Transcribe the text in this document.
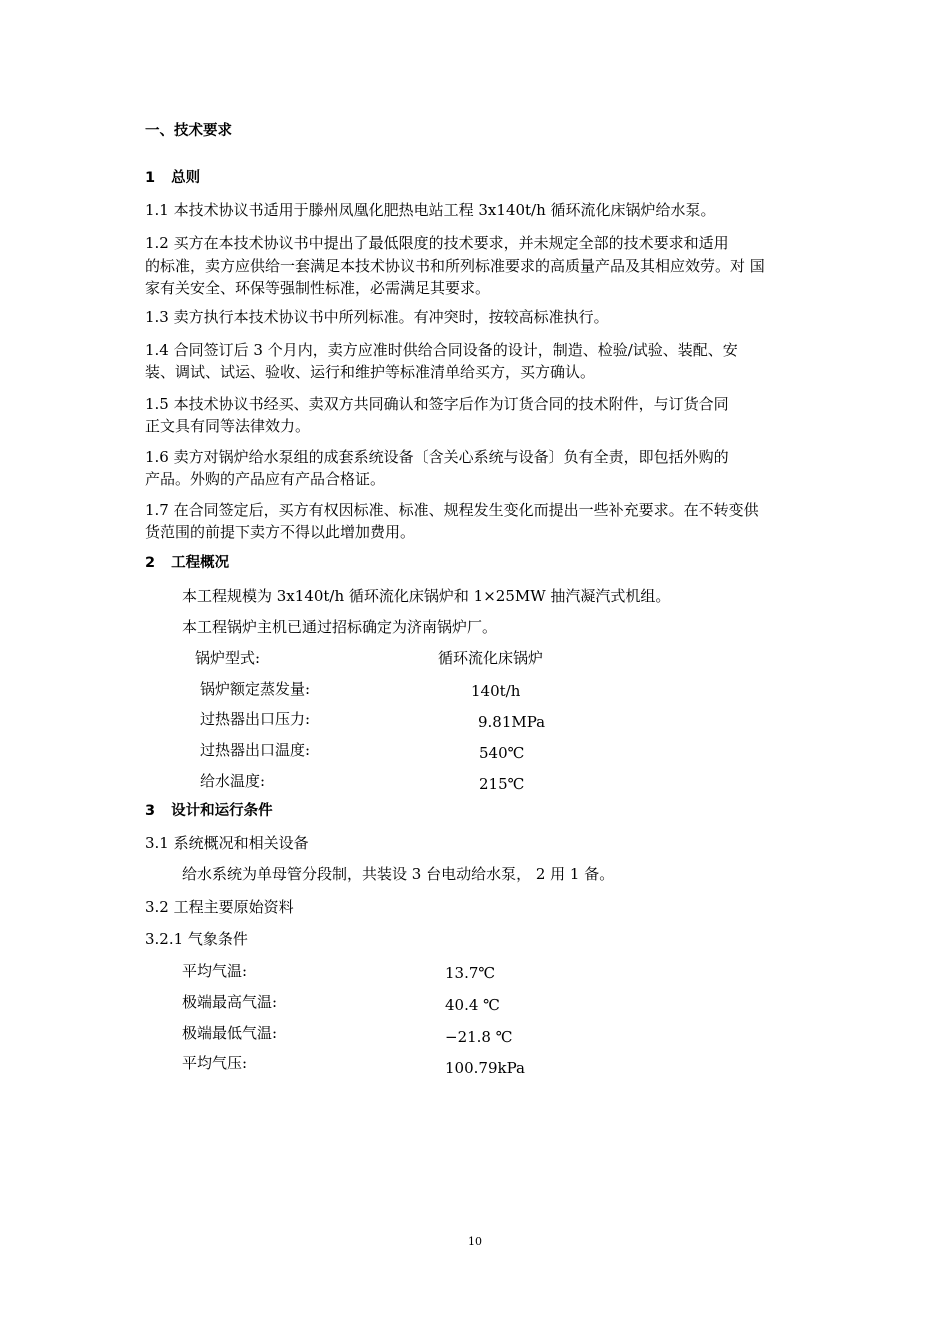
一、技术要求
1 总则
1.1 本技术协议书适用于滕州凤凰化肥热电站工程 3x140t/h 循环流化床锅炉给水泵。
1.2 买方在本技术协议书中提出了最低限度的技术要求，并未规定全部的技术要求和适用
的标准，卖方应供给一套满足本技术协议书和所列标准要求的高质量产品及其相应效劳。对 国
家有关安全、环保等强制性标准，必需满足其要求。
1.3 卖方执行本技术协议书中所列标准。有冲突时，按较高标准执行。
1.4 合同签订后 3 个月内，卖方应准时供给合同设备的设计，制造、检验/试验、装配、安
装、调试、试运、验收、运行和维护等标准清单给买方，买方确认。
1.5 本技术协议书经买、卖双方共同确认和签字后作为订货合同的技术附件，与订货合同
正文具有同等法律效力。
1.6 卖方对锅炉给水泵组的成套系统设备〔含关心系统与设备〕负有全责，即包括外购的
产品。外购的产品应有产品合格证。
1.7 在合同签定后，买方有权因标准、标准、规程发生变化而提出一些补充要求。在不转变供
货范围的前提下卖方不得以此增加费用。
2 工程概况
本工程规模为 3x140t/h 循环流化床锅炉和 1×25MW 抽汽凝汽式机组。
本工程锅炉主机已通过招标确定为济南锅炉厂。
锅炉型式:	循环流化床锅炉
锅炉额定蒸发量:	140t/h
过热器出口压力:	9.81MPa
过热器出口温度:	540℃
给水温度:	215℃
3 设计和运行条件
3.1 系统概况和相关设备
给水系统为单母管分段制，共装设 3 台电动给水泵， 2 用 1 备。
3.2 工程主要原始资料
3.2.1 气象条件
平均气温:	13.7℃
极端最高气温:	40.4 ℃
极端最低气温:	−21.8 ℃
平均气压:	100.79kPa
10
